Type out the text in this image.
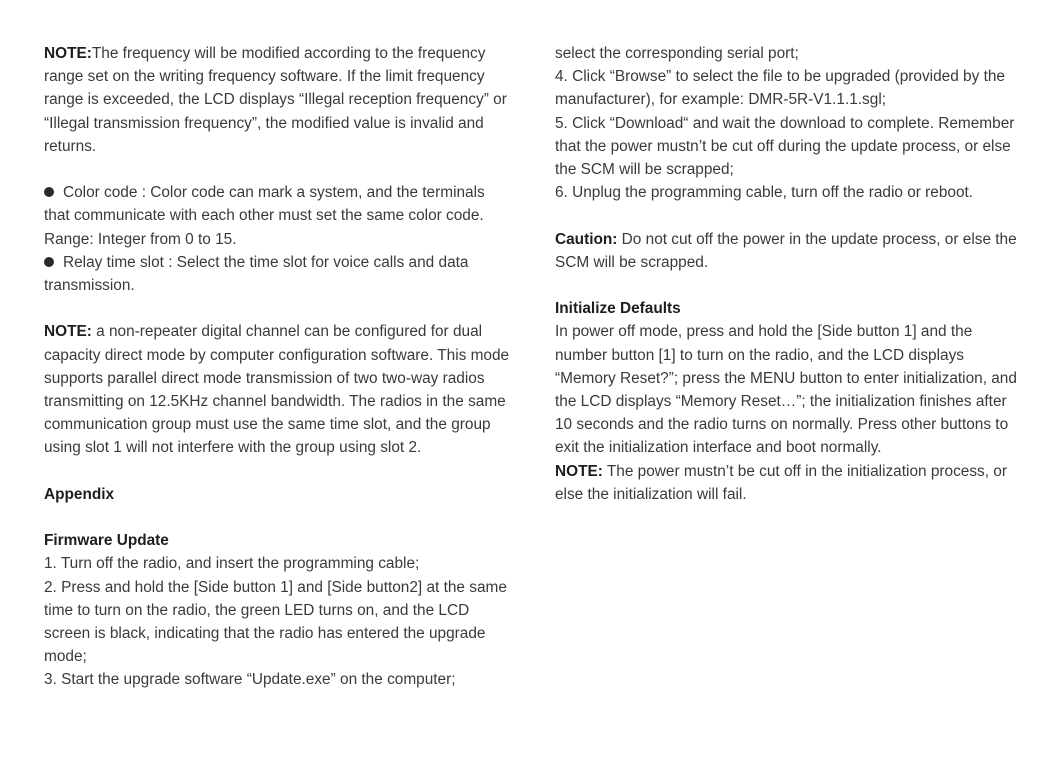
NOTE:The frequency will be modified according to the frequency range set on the writing frequency software. If the limit frequency range is exceeded, the LCD displays “Illegal reception frequency” or “Illegal transmission frequency”, the modified value is invalid and returns.

Color code : Color code can mark a system, and the terminals that communicate with each other must set the same color code. Range: Integer from 0 to 15.

Relay time slot : Select the time slot for voice calls and data transmission.

NOTE: a non-repeater digital channel can be configured for dual capacity direct mode by computer configuration software. This mode supports parallel direct mode transmission of two two-way radios transmitting on 12.5KHz channel bandwidth. The radios in the same communication group must use the same time slot, and the group using slot 1 will not interfere with the group using slot 2.

Appendix

Firmware Update

1. Turn off the radio, and insert the programming cable;

2. Press and hold the [Side button 1] and [Side button2] at the same time to turn on the radio, the green LED turns on, and the LCD screen is black, indicating that the radio has entered the upgrade mode;

3. Start the upgrade software “Update.exe” on the computer;

select the corresponding serial port;

4. Click “Browse” to select the file to be upgraded (provided by the manufacturer), for example: DMR-5R-V1.1.1.sgl;

5. Click “Download“ and wait the download to complete. Remember that the power mustn’t be cut off during the update process, or else the SCM will be scrapped;

6. Unplug the programming cable, turn off the radio or reboot.

Caution: Do not cut off the power in the update process, or else the SCM will be scrapped.

Initialize Defaults

In power off mode, press and hold the [Side button 1] and the number button [1] to turn on the radio, and the LCD displays “Memory Reset?”; press the MENU button to enter initialization, and the LCD displays “Memory Reset…”; the initialization finishes after 10 seconds and the radio turns on normally. Press other buttons to exit the initialization interface and boot normally.

NOTE: The power mustn’t be cut off in the initialization process, or else the initialization will fail.
